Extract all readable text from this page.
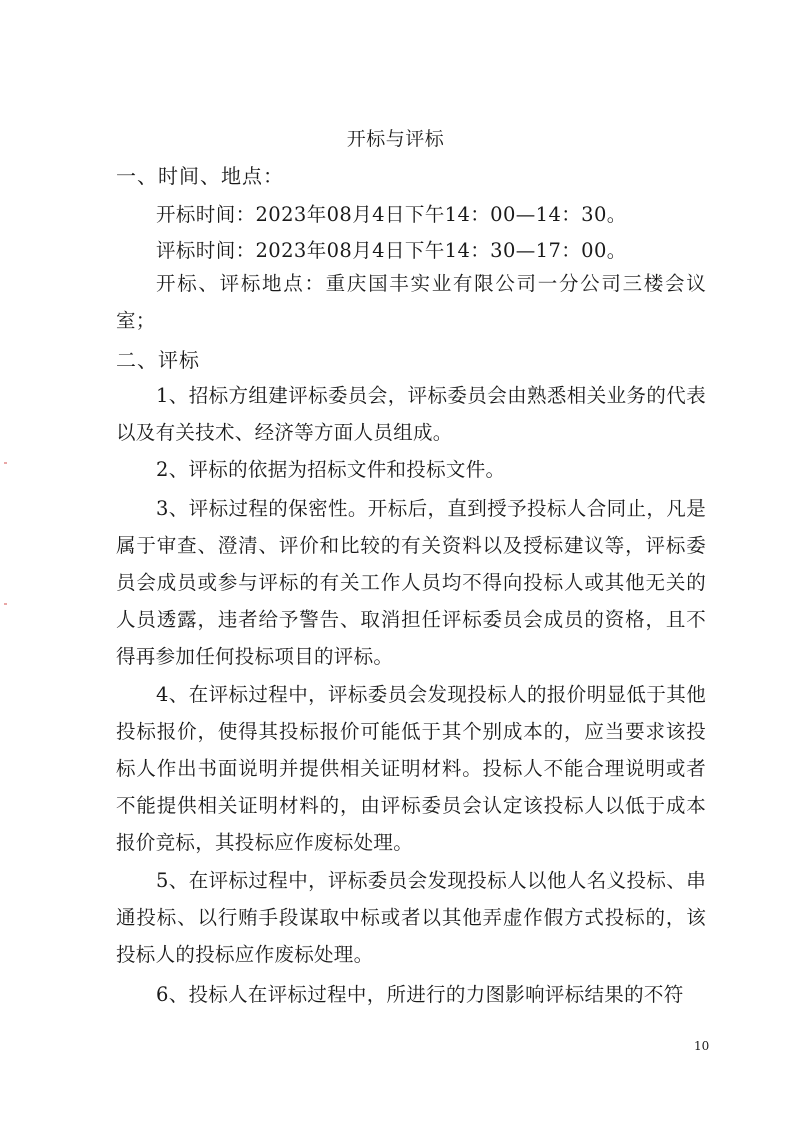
开标与评标
一、时间、地点：
开标时间：2023年08月4日下午14：00—14：30。
评标时间：2023年08月4日下午14：30—17：00。
开标、评标地点：重庆国丰实业有限公司一分公司三楼会议室；
二、评标
1、招标方组建评标委员会，评标委员会由熟悉相关业务的代表以及有关技术、经济等方面人员组成。
2、评标的依据为招标文件和投标文件。
3、评标过程的保密性。开标后，直到授予投标人合同止，凡是属于审查、澄清、评价和比较的有关资料以及授标建议等，评标委员会成员或参与评标的有关工作人员均不得向投标人或其他无关的人员透露，违者给予警告、取消担任评标委员会成员的资格，且不得再参加任何投标项目的评标。
4、在评标过程中，评标委员会发现投标人的报价明显低于其他投标报价，使得其投标报价可能低于其个别成本的，应当要求该投标人作出书面说明并提供相关证明材料。投标人不能合理说明或者不能提供相关证明材料的，由评标委员会认定该投标人以低于成本报价竞标，其投标应作废标处理。
5、在评标过程中，评标委员会发现投标人以他人名义投标、串通投标、以行贿手段谋取中标或者以其他弄虚作假方式投标的，该投标人的投标应作废标处理。
6、投标人在评标过程中，所进行的力图影响评标结果的不符
10
